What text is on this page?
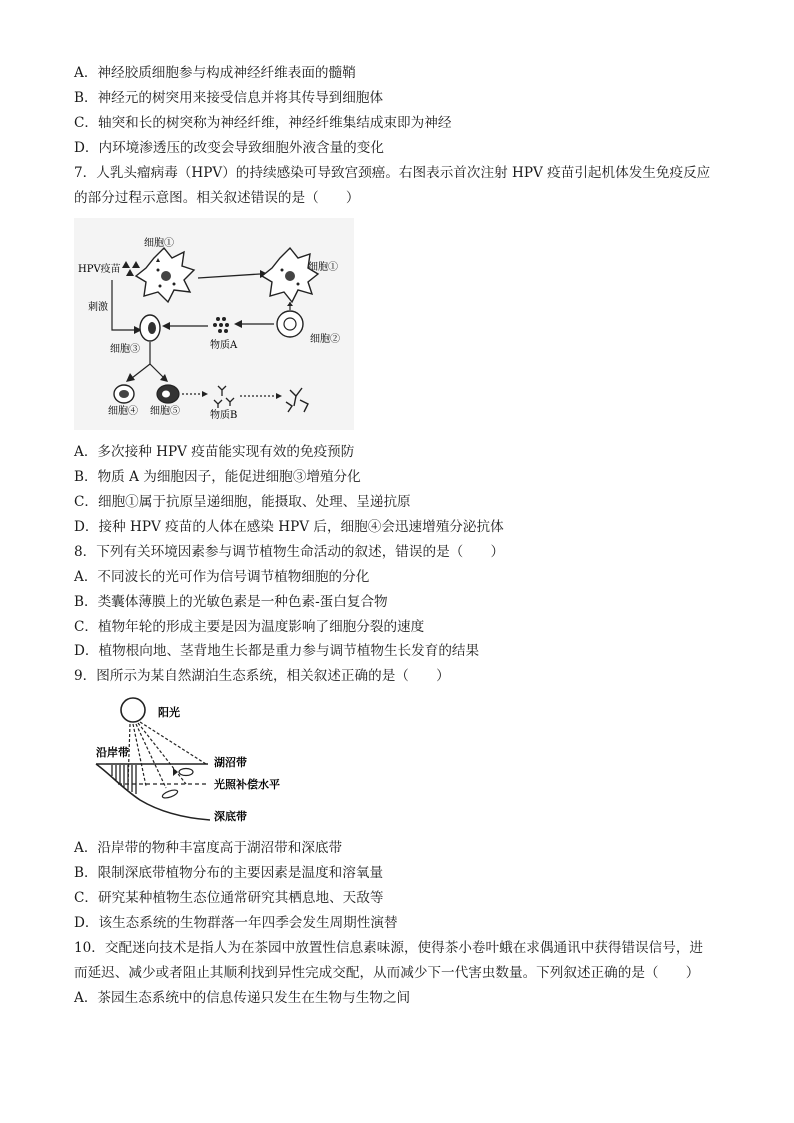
A．神经胶质细胞参与构成神经纤维表面的髓鞘
B．神经元的树突用来接受信息并将其传导到细胞体
C．轴突和长的树突称为神经纤维，神经纤维集结成束即为神经
D．内环境渗透压的改变会导致细胞外液含量的变化
7．人乳头瘤病毒（HPV）的持续感染可导致宫颈癌。右图表示首次注射 HPV 疫苗引起机体发生免疫反应
的部分过程示意图。相关叙述错误的是（　　）
细胞①
HPV疫苗
刺激
细胞①
细胞②
细胞③	物质A
细胞④ 细胞⑤	物质B
A．多次接种 HPV 疫苗能实现有效的免疫预防
B．物质 A 为细胞因子，能促进细胞③增殖分化
C．细胞①属于抗原呈递细胞，能摄取、处理、呈递抗原
D．接种 HPV 疫苗的人体在感染 HPV 后，细胞④会迅速增殖分泌抗体
8．下列有关环境因素参与调节植物生命活动的叙述，错误的是（　　）
A．不同波长的光可作为信号调节植物细胞的分化
B．类囊体薄膜上的光敏色素是一种色素-蛋白复合物
C．植物年轮的形成主要是因为温度影响了细胞分裂的速度
D．植物根向地、茎背地生长都是重力参与调节植物生长发育的结果
9．图所示为某自然湖泊生态系统，相关叙述正确的是（　　）
阳光
沿岸带
湖沼带
光照补偿水平
深底带
A．沿岸带的物种丰富度高于湖沼带和深底带
B．限制深底带植物分布的主要因素是温度和溶氧量
C．研究某种植物生态位通常研究其栖息地、天敌等
D．该生态系统的生物群落一年四季会发生周期性演替
10．交配迷向技术是指人为在茶园中放置性信息素味源，使得茶小卷叶蛾在求偶通讯中获得错误信号，进
而延迟、减少或者阻止其顺利找到异性完成交配，从而减少下一代害虫数量。下列叙述正确的是（　　）
A．茶园生态系统中的信息传递只发生在生物与生物之间
